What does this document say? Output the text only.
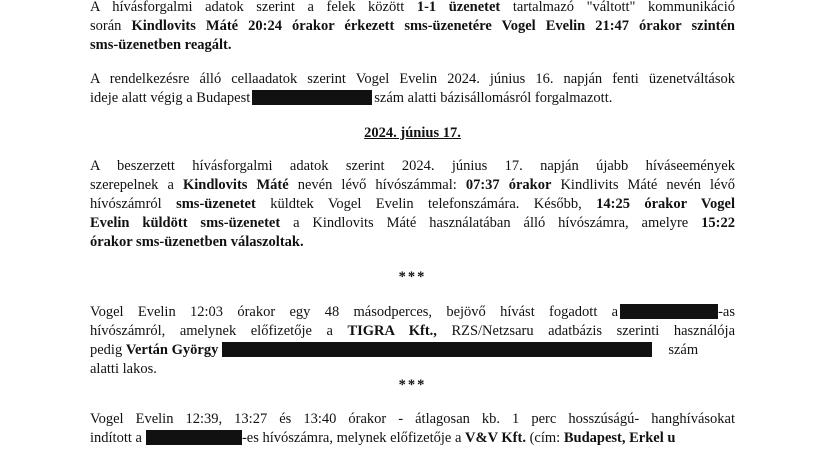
A hívásforgalmi adatok szerint a felek között 1-1 üzenetet tartalmazó "váltott" kommunikáció
során Kindlovits Máté 20:24 órakor érkezett sms-üzenetére Vogel Evelin 21:47 órakor szintén
sms-üzenetben reagált.
A rendelkezésre álló cellaadatok szerint Vogel Evelin 2024. június 16. napján fenti üzenetváltások
ideje alatt végig a Budapest	szám alatti bázisállomásról forgalmazott.
2024. június 17.
A beszerzett hívásforgalmi adatok szerint 2024. június 17. napján újabb híváseemények
szerepelnek a Kindlovits Máté nevén lévő hívószámmal: 07:37 órakor Kindlivits Máté nevén lévő
hívószámról sms-üzenetet küldtek Vogel Evelin telefonszámára. Később, 14:25 órakor Vogel
Evelin küldött sms-üzenetet a Kindlovits Máté használatában álló hívószámra, amelyre 15:22
órakor sms-üzenetben válaszoltak.
***
Vogel Evelin 12:03 órakor egy 48 másodperces, bejövő hívást fogadott a	-as
hívószámról, amelynek előfizetője a TIGRA Kft., RZS/Netzsaru adatbázis szerinti használója
pedig Vertán György	szám
alatti lakos.
***
Vogel Evelin 12:39, 13:27 és 13:40 órakor - átlagosan kb. 1 perc hosszúságú- hanghívásokat
indított a	-es hívószámra, melynek előfizetője a V&V Kft. (cím: Budapest, Erkel u
